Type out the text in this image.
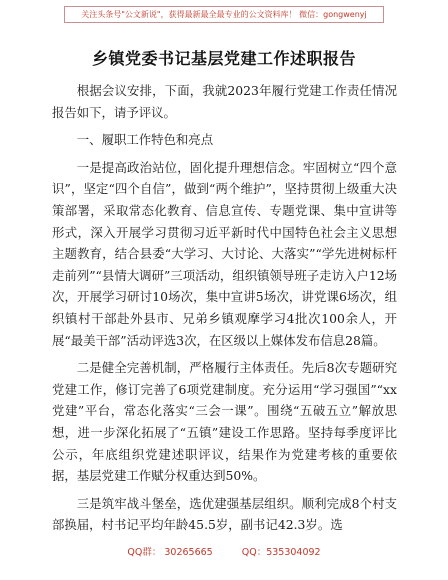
关注头条号"公文新说"，获得最新最全最专业的公文资料库！ 微信：gongwenyj
乡镇党委书记基层党建工作述职报告

根据会议安排，下面，我就2023年履行党建工作责任情况报告如下，请予评议。

一、履职工作特色和亮点

一是提高政治站位，固化提升理想信念。牢固树立“四个意识”，坚定“四个自信”，做到“两个维护”，坚持贯彻上级重大决策部署，采取常态化教育、信息宣传、专题党课、集中宣讲等形式，深入开展学习贯彻习近平新时代中国特色社会主义思想主题教育，结合县委“大学习、大讨论、大落实”“学先进树标杆走前列”“县情大调研”三项活动，组织镇领导班子走访入户12场次，开展学习研讨10场次，集中宣讲5场次，讲党课6场次，组织镇村干部赴外县市、兄弟乡镇观摩学习4批次100余人，开展“最美干部”活动评选3次，在区级以上媒体发布信息28篇。

二是健全完善机制，严格履行主体责任。先后8次专题研究党建工作，修订完善了6项党建制度。充分运用“学习强国”“xx党建”平台，常态化落实“三会一课”。围绕“五破五立”解放思想，进一步深化拓展了“五镇”建设工作思路。坚持每季度评比公示，年底组织党建述职评议，结果作为党建考核的重要依据，基层党建工作赋分权重达到50%。

三是筑牢战斗堡垒，选优建强基层组织。顺利完成8个村支部换届，村书记平均年龄45.5岁，副书记42.3岁。选

QQ群： 30265665	QQ：535304092
